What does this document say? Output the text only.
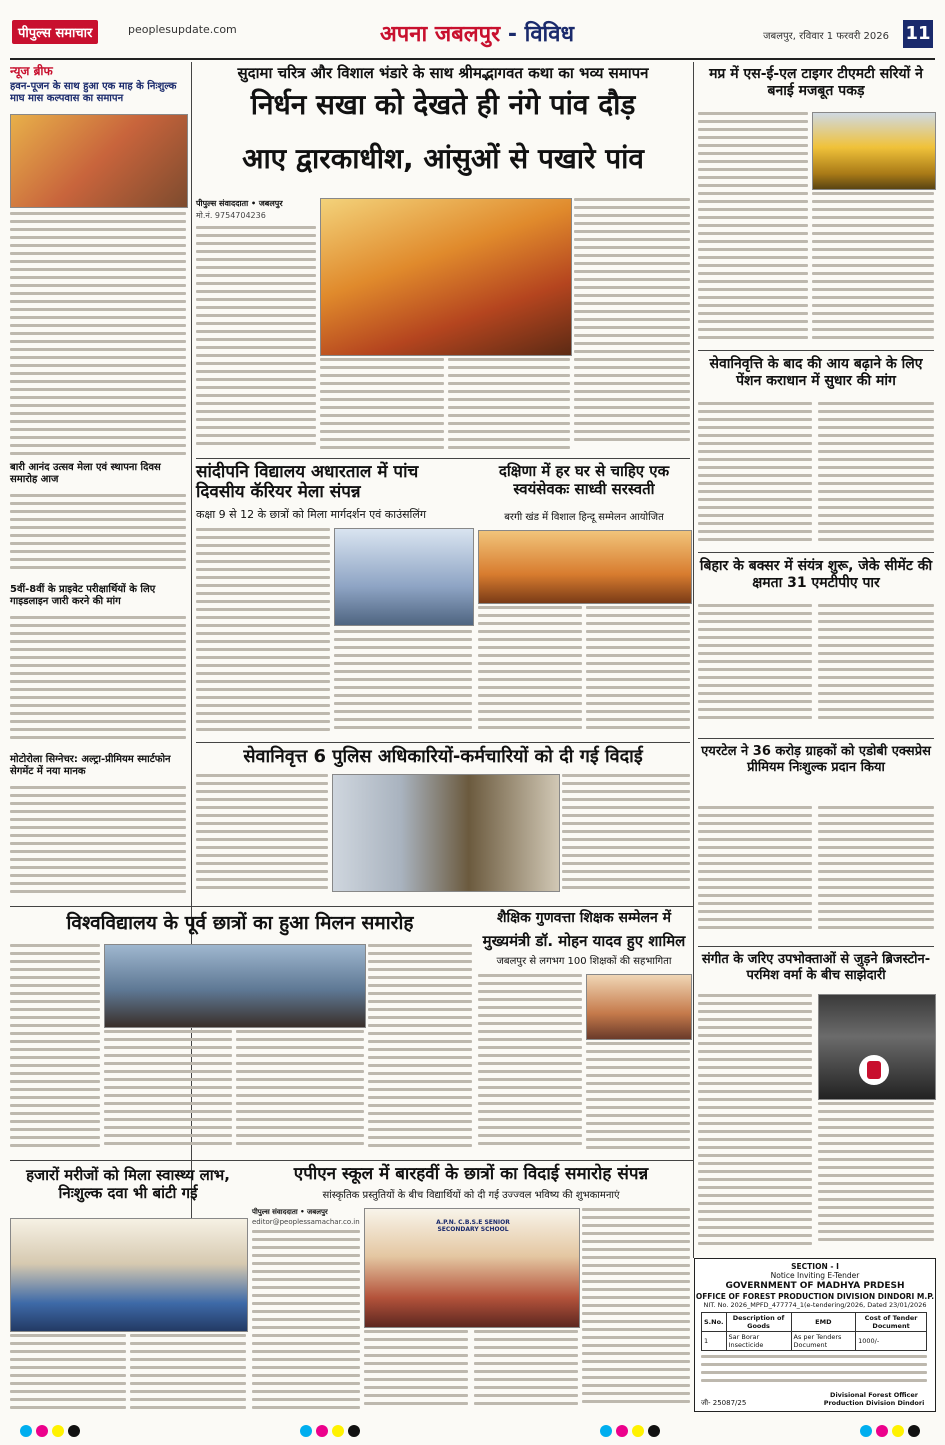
पीपुल्स समाचार	peoplesupdate.com	अपना जबलपुर - विविध	जबलपुर, रविवार 1 फरवरी 2026 11
न्यूज ब्रीफ
हवन-पूजन के साथ हुआ एक माह के निःशुल्क माघ मास कल्पवास का समापन
बारी आनंद उत्सव मेला एवं स्थापना दिवस समारोह आज
5वीं-8वीं के प्राइवेट परीक्षार्थियों के लिए गाइडलाइन जारी करने की मांग
मोटोरोला सिग्नेचर: अल्ट्रा-प्रीमियम स्मार्टफोन सेगमेंट में नया मानक
सुदामा चरित्र और विशाल भंडारे के साथ श्रीमद्भागवत कथा का भव्य समापन
निर्धन सखा को देखते ही नंगे पांव दौड़
आए द्वारकाधीश, आंसुओं से पखारे पांव
पीपुल्स संवाददाता • जबलपुर
मो.नं. 9754704236
सांदीपनि विद्यालय अधारताल में पांच दिवसीय कॅरियर मेला संपन्न
कक्षा 9 से 12 के छात्रों को मिला मार्गदर्शन एवं काउंसलिंग
दक्षिणा में हर घर से चाहिए एक स्वयंसेवकः साध्वी सरस्वती
बरगी खंड में विशाल हिन्दू सम्मेलन आयोजित
सेवानिवृत्त 6 पुलिस अधिकारियों-कर्मचारियों को दी गई विदाई
विश्वविद्यालय के पूर्व छात्रों का हुआ मिलन समारोह	शैक्षिक गुणवत्ता शिक्षक सम्मेलन में
मुख्यमंत्री डॉ. मोहन यादव हुए शामिल
जबलपुर से लगभग 100 शिक्षकों की सहभागिता
हजारों मरीजों को मिला स्वास्थ्य लाभ, निःशुल्क दवा भी बांटी गई
एपीएन स्कूल में बारहवीं के छात्रों का विदाई समारोह संपन्न
सांस्कृतिक प्रस्तुतियों के बीच विद्यार्थियों को दी गई उज्ज्वल भविष्य की शुभकामनाएं
पीपुल्स संवाददाता • जबलपुर
editor@peoplessamachar.co.in	A.P.N. C.B.S.E SENIOR SECONDARY SCHOOL
मप्र में एस-ई-एल टाइगर टीएमटी सरियों ने बनाई मजबूत पकड़
सेवानिवृत्ति के बाद की आय बढ़ाने के लिए पेंशन कराधान में सुधार की मांग
बिहार के बक्सर में संयंत्र शुरू, जेके सीमेंट की क्षमता 31 एमटीपीए पार
एयरटेल ने 36 करोड़ ग्राहकों को एडोबी एक्सप्रेस प्रीमियम निःशुल्क प्रदान किया
संगीत के जरिए उपभोक्ताओं से जुड़ने ब्रिजस्टोन-परमिश वर्मा के बीच साझेदारी
SECTION - I
Notice Inviting E-Tender
GOVERNMENT OF MADHYA PRDESH
OFFICE OF FOREST PRODUCTION DIVISION DINDORI M.P.
NIT. No. 2026_MPFD_477774_1(e-tendering/2026, Dated 23/01/2026
S.No.	Description of Goods	EMD	Cost of Tender Document
1	Sar Borar Insecticide	As per Tenders Document	1000/-
जी- 25087/25
Divisional Forest Officer Production Division Dindori
